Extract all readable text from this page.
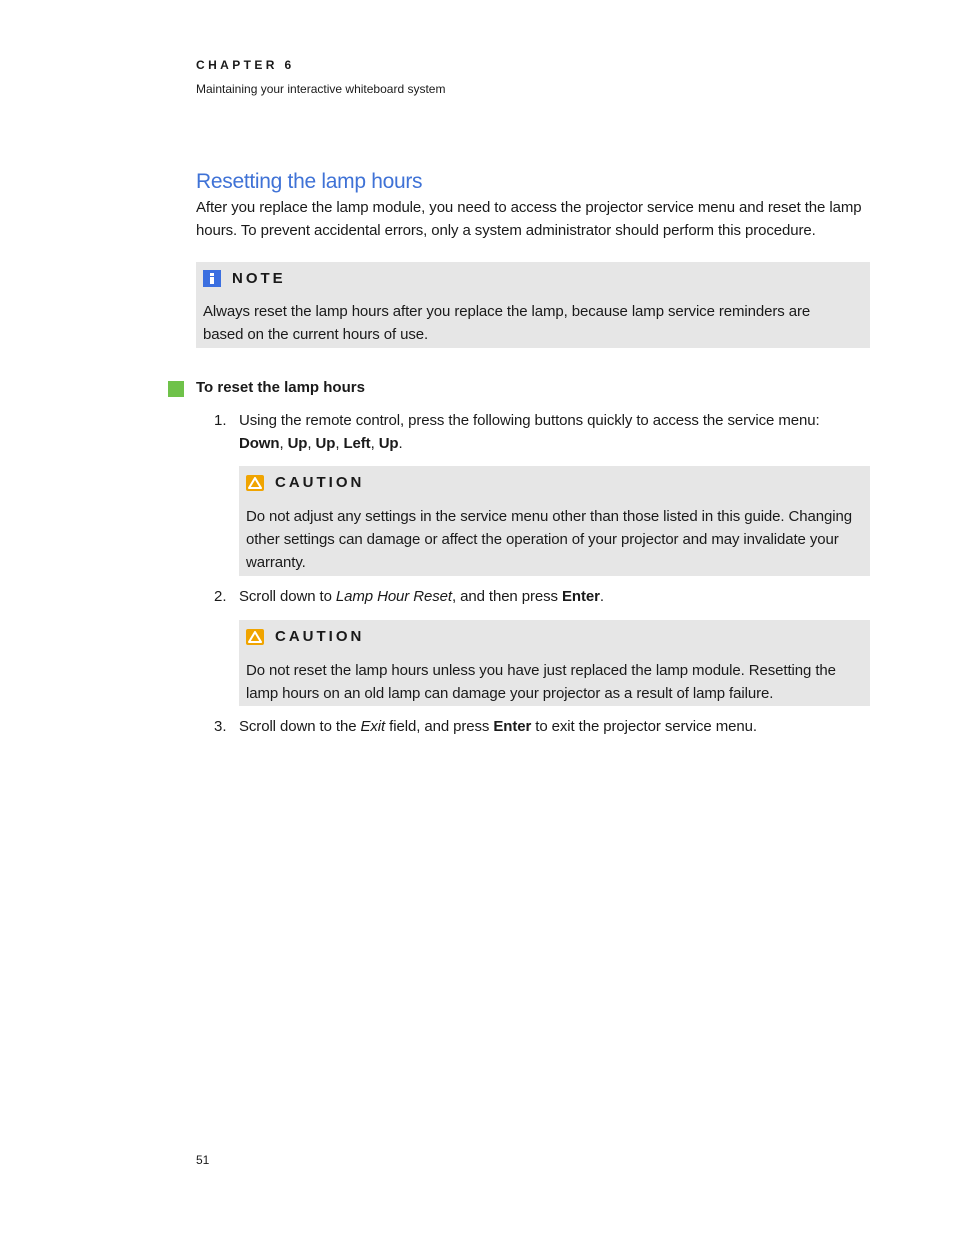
CHAPTER 6
Maintaining your interactive whiteboard system
Resetting the lamp hours
After you replace the lamp module, you need to access the projector service menu and reset the lamp hours. To prevent accidental errors, only a system administrator should perform this procedure.
NOTE
Always reset the lamp hours after you replace the lamp, because lamp service reminders are based on the current hours of use.
To reset the lamp hours
1. Using the remote control, press the following buttons quickly to access the service menu:
Down, Up, Up, Left, Up.
CAUTION
Do not adjust any settings in the service menu other than those listed in this guide. Changing other settings can damage or affect the operation of your projector and may invalidate your warranty.
2. Scroll down to Lamp Hour Reset, and then press Enter.
CAUTION
Do not reset the lamp hours unless you have just replaced the lamp module. Resetting the lamp hours on an old lamp can damage your projector as a result of lamp failure.
3. Scroll down to the Exit field, and press Enter to exit the projector service menu.
51
